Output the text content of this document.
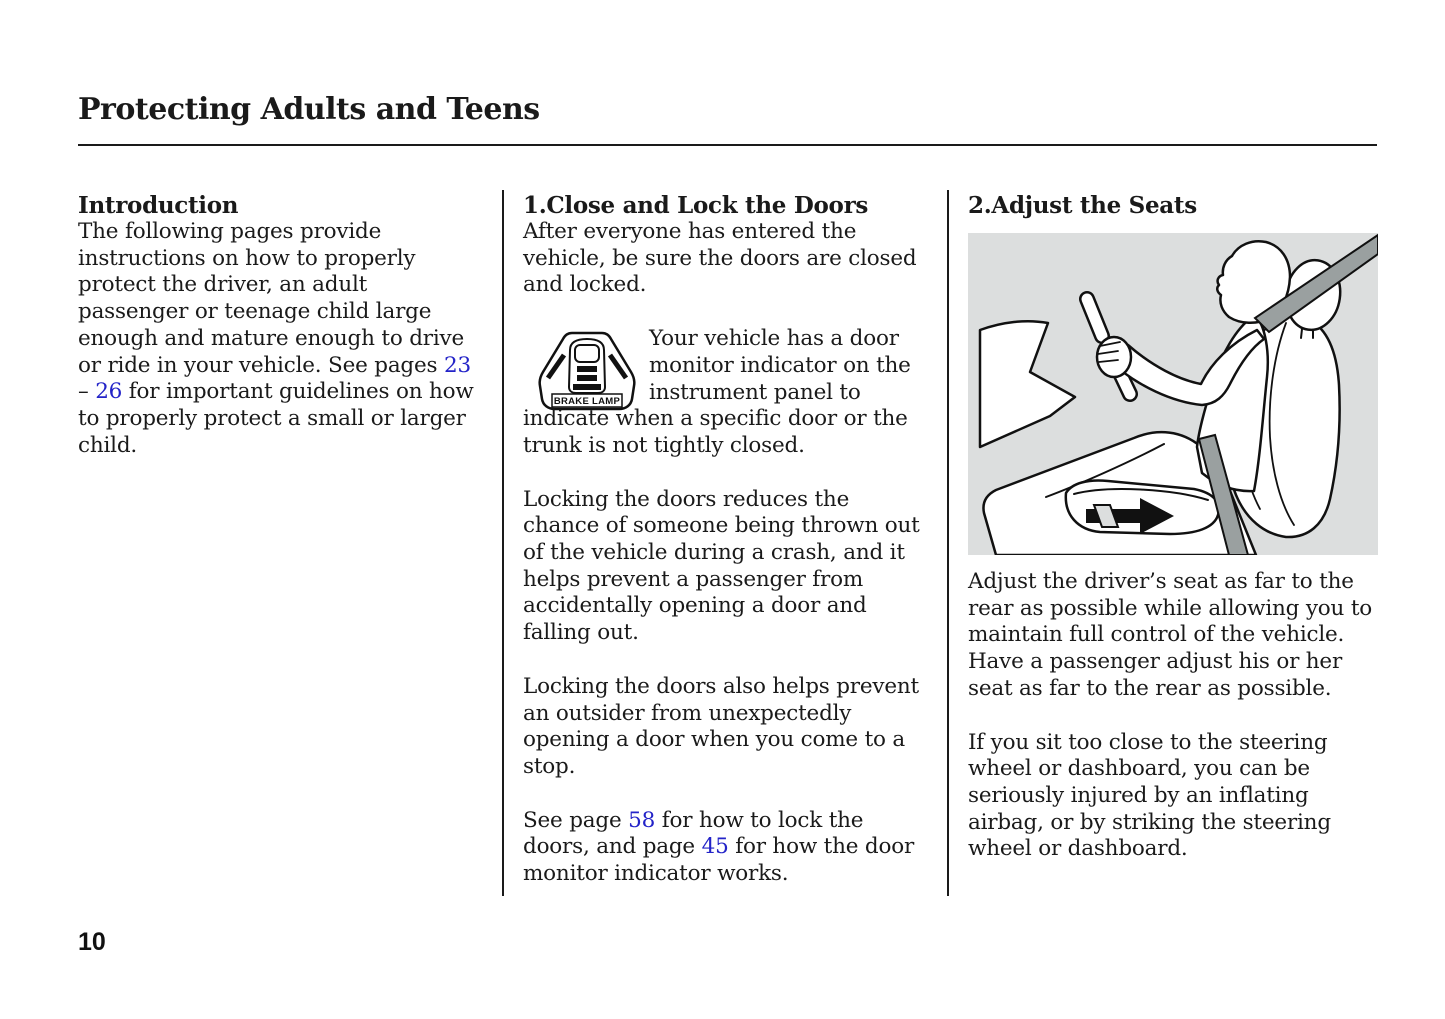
Protecting Adults and Teens
Introduction

The following pages provide instructions on how to properly protect the driver, an adult passenger or teenage child large enough and mature enough to drive or ride in your vehicle. See pages 23 – 26 for important guidelines on how to properly protect a small or larger child.

1.Close and Lock the Doors

After everyone has entered the vehicle, be sure the doors are closed and locked.

BRAKE LAMP
Your vehicle has a door monitor indicator on the instrument panel to indicate when a specific door or the trunk is not tightly closed.

Locking the doors reduces the chance of someone being thrown out of the vehicle during a crash, and it helps prevent a passenger from accidentally opening a door and falling out.

Locking the doors also helps prevent an outsider from unexpectedly opening a door when you come to a stop.

See page 58 for how to lock the doors, and page 45 for how the door monitor indicator works.

2.Adjust the Seats

Adjust the driver’s seat as far to the rear as possible while allowing you to maintain full control of the vehicle. Have a passenger adjust his or her seat as far to the rear as possible.

If you sit too close to the steering wheel or dashboard, you can be seriously injured by an inflating airbag, or by striking the steering wheel or dashboard.

10
